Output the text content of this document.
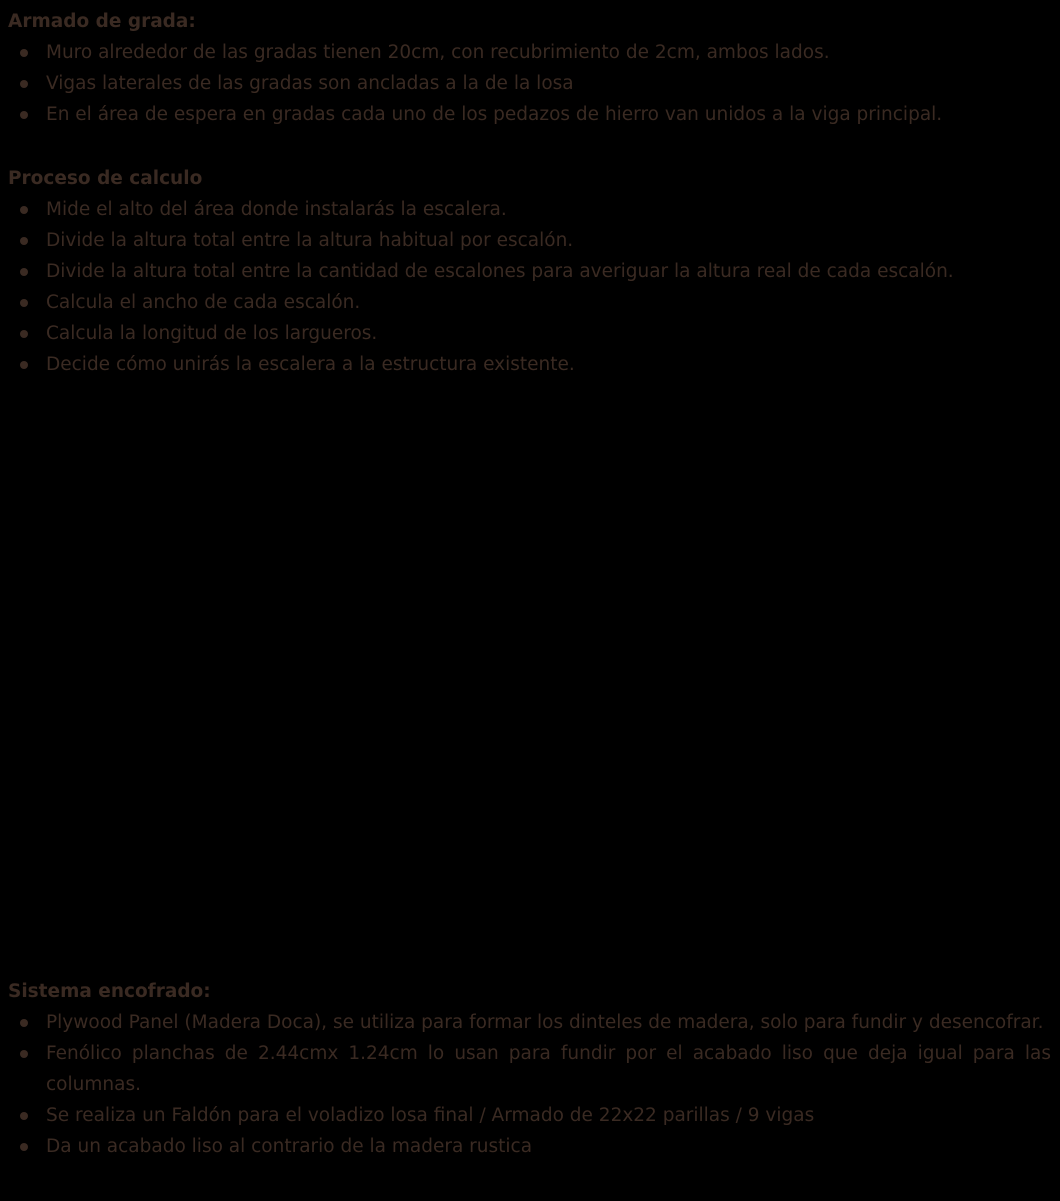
Armado de grada:
Muro alrededor de las gradas tienen 20cm, con recubrimiento de 2cm, ambos lados.
Vigas laterales de las gradas son ancladas a la de la losa
En el área de espera en gradas cada uno de los pedazos de hierro van unidos a la viga principal.
Proceso de calculo
Mide el alto del área donde instalarás la escalera.
Divide la altura total entre la altura habitual por escalón.
Divide la altura total entre la cantidad de escalones para averiguar la altura real de cada escalón.
Calcula el ancho de cada escalón.
Calcula la longitud de los largueros.
Decide cómo unirás la escalera a la estructura existente.
Sistema encofrado:
Plywood Panel (Madera Doca), se utiliza para formar los dinteles de madera, solo para fundir y desencofrar.
Fenólico planchas de 2.44cmx 1.24cm lo usan para fundir por el acabado liso que deja igual para las columnas.
Se realiza un Faldón para el voladizo losa final / Armado de 22x22 parillas / 9 vigas
Da un acabado liso al contrario de la madera rustica
